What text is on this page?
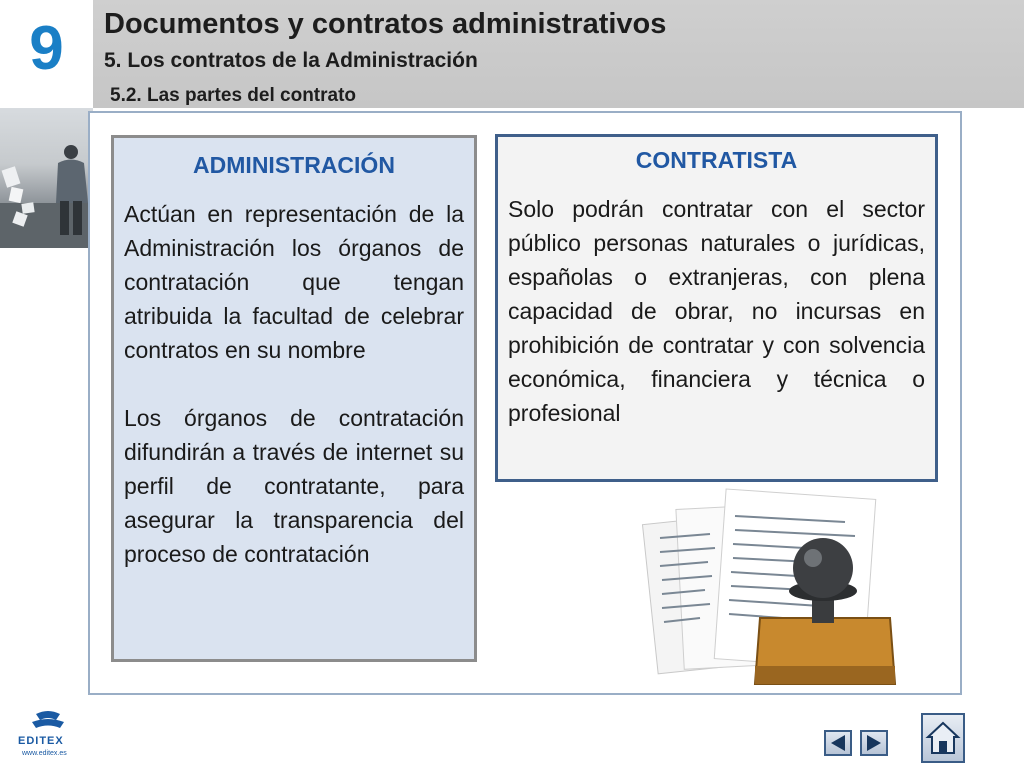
9	Documentos y contratos administrativos
5. Los contratos de la Administración
5.2. Las partes del contrato
ADMINISTRACIÓN

Actúan en representación de la Administración los órganos de contratación que tengan atribuida la facultad de celebrar contratos en su nombre

Los órganos de contratación difundirán a través de internet su perfil de contratante, para asegurar la transparencia del proceso de contratación

CONTRATISTA

Solo podrán contratar con el sector público personas naturales o jurídicas, españolas o extranjeras, con plena capacidad de obrar, no incursas en prohibición de contratar y con solvencia económica, financiera y técnica o profesional

EDITEX
www.editex.es
